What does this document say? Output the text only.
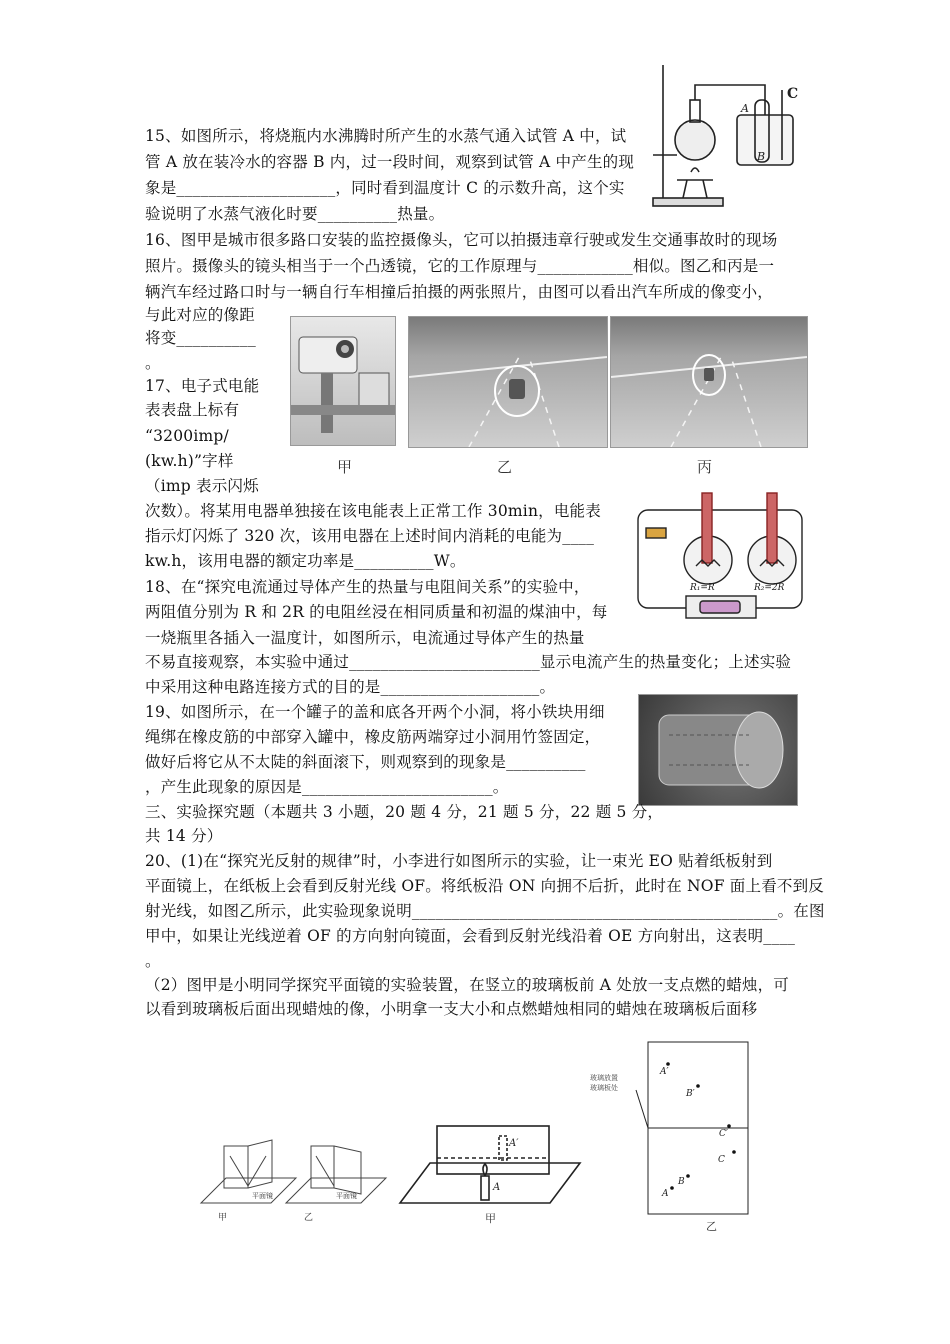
15、如图所示，将烧瓶内水沸腾时所产生的水蒸气通入试管 A 中，试
管 A 放在装冷水的容器 B 内，过一段时间，观察到试管 A 中产生的现
象是____________________，同时看到温度计 C 的示数升高，这个实
验说明了水蒸气液化时要__________热量。
A
B
C
16、图甲是城市很多路口安装的监控摄像头，它可以拍摄违章行驶或发生交通事故时的现场
照片。摄像头的镜头相当于一个凸透镜，它的工作原理与____________相似。图乙和丙是一
辆汽车经过路口时与一辆自行车相撞后拍摄的两张照片，由图可以看出汽车所成的像变小，
与此对应的像距
将变__________
。
甲	乙	丙
17、电子式电能
表表盘上标有
“3200imp/
(kw.h)”字样
（imp 表示闪烁
次数）。将某用电器单独接在该电能表上正常工作 30min，电能表
指示灯闪烁了 320 次，该用电器在上述时间内消耗的电能为____
kw.h，该用电器的额定功率是__________W。
R₁=R	R₂=2R
18、在“探究电流通过导体产生的热量与电阻间关系”的实验中，
两阻值分别为 R 和 2R 的电阻丝浸在相同质量和初温的煤油中，每
一烧瓶里各插入一温度计，如图所示，电流通过导体产生的热量
不易直接观察，本实验中通过________________________显示电流产生的热量变化；上述实验
中采用这种电路连接方式的目的是____________________。
19、如图所示，在一个罐子的盖和底各开两个小洞，将小铁块用细
绳绑在橡皮筋的中部穿入罐中，橡皮筋两端穿过小洞用竹签固定，
做好后将它从不太陡的斜面滚下，则观察到的现象是__________
，产生此现象的原因是________________________。
三、实验探究题（本题共 3 小题，20 题 4 分，21 题 5 分，22 题 5 分，
共 14 分）
20、(1)在“探究光反射的规律”时，小李进行如图所示的实验，让一束光 EO 贴着纸板射到
平面镜上，在纸板上会看到反射光线 OF。将纸板沿 ON 向拥不后折，此时在 NOF 面上看不到反
射光线，如图乙所示，此实验现象说明______________________________________________。在图
甲中，如果让光线逆着 OF 的方向射向镜面，会看到反射光线沿着 OE 方向射出，这表明____
。
（2）图甲是小明同学探究平面镜的实验装置，在竖立的玻璃板前 A 处放一支点燃的蜡烛，可
以看到玻璃板后面出现蜡烛的像，小明拿一支大小和点燃蜡烛相同的蜡烛在玻璃板后面移
平面镜	平面镜
甲	乙
A′
A
甲
玻璃放置
玻璃板处
A′
B′
C′
A
B
C
乙
